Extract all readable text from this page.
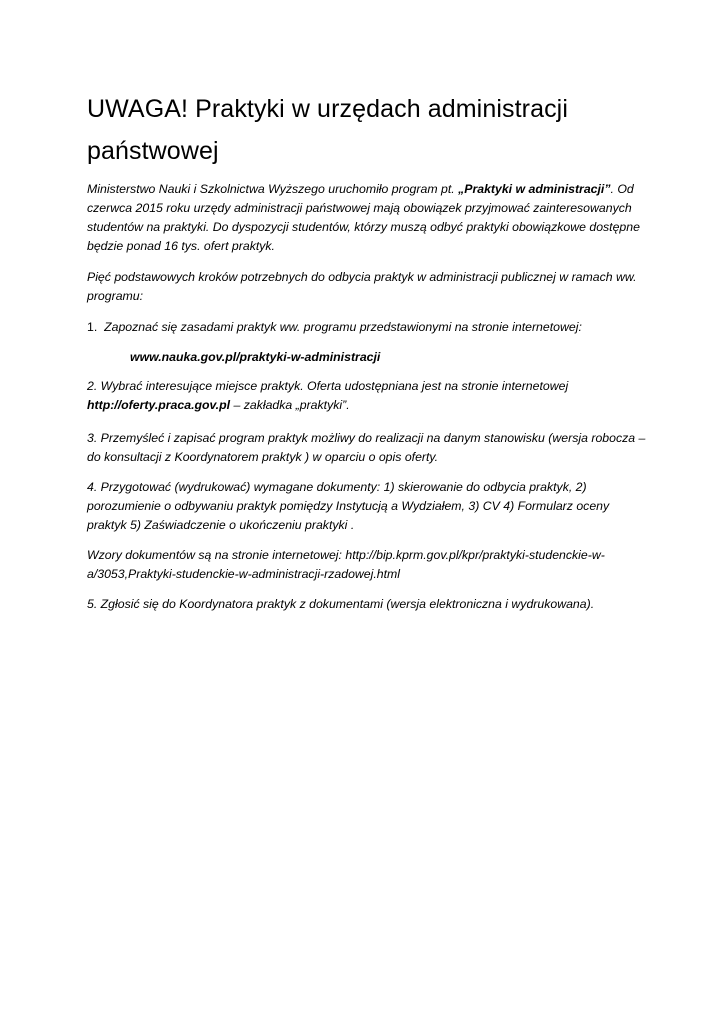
UWAGA! Praktyki w urzędach administracji państwowej

Ministerstwo Nauki i Szkolnictwa Wyższego uruchomiło program pt. „Praktyki w administracji”. Od czerwca 2015 roku urzędy administracji państwowej mają obowiązek przyjmować zainteresowanych studentów na praktyki. Do dyspozycji studentów, którzy muszą odbyć praktyki obowiązkowe dostępne będzie ponad 16 tys. ofert praktyk.

Pięć podstawowych kroków potrzebnych do odbycia praktyk w administracji publicznej w ramach ww. programu:

1. Zapoznać się zasadami praktyk ww. programu przedstawionymi na stronie internetowej:

www.nauka.gov.pl/praktyki-w-administracji

2. Wybrać interesujące miejsce praktyk. Oferta udostępniana jest na stronie internetowej
http://oferty.praca.gov.pl – zakładka „praktyki”.

3. Przemyśleć i zapisać program praktyk możliwy do realizacji na danym stanowisku (wersja robocza – do konsultacji z Koordynatorem praktyk ) w oparciu o opis oferty.

4. Przygotować (wydrukować) wymagane dokumenty: 1) skierowanie do odbycia praktyk, 2) porozumienie o odbywaniu praktyk pomiędzy Instytucją a Wydziałem, 3) CV 4) Formularz oceny praktyk 5) Zaświadczenie o ukończeniu praktyki .

Wzory dokumentów są na stronie internetowej: http://bip.kprm.gov.pl/kpr/praktyki-studenckie-w-a/3053,Praktyki-studenckie-w-administracji-rzadowej.html

5. Zgłosić się do Koordynatora praktyk z dokumentami (wersja elektroniczna i wydrukowana).
